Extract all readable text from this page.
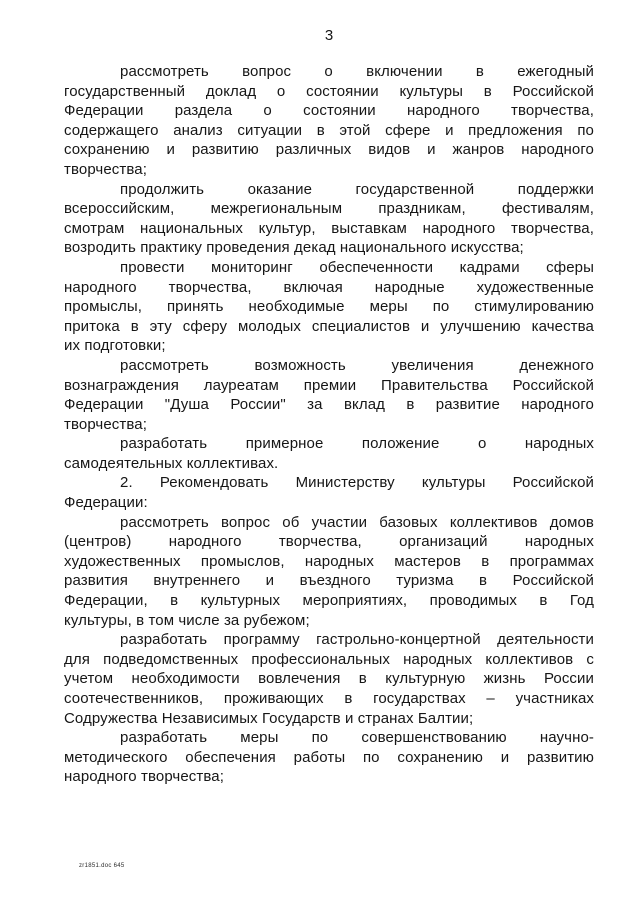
3
рассмотреть вопрос о включении в ежегодный
государственный доклад о состоянии культуры в Российской
Федерации раздела о состоянии народного творчества,
содержащего анализ ситуации в этой сфере и предложения по
сохранению и развитию различных видов и жанров народного
творчества;
продолжить оказание государственной поддержки
всероссийским, межрегиональным праздникам, фестивалям,
смотрам национальных культур, выставкам народного творчества,
возродить практику проведения декад национального искусства;
провести мониторинг обеспеченности кадрами сферы
народного творчества, включая народные художественные
промыслы, принять необходимые меры по стимулированию
притока в эту сферу молодых специалистов и улучшению качества
их подготовки;
рассмотреть возможность увеличения денежного
вознаграждения лауреатам премии Правительства Российской
Федерации "Душа России" за вклад в развитие народного
творчества;
разработать примерное положение о народных
самодеятельных коллективах.
2. Рекомендовать Министерству культуры Российской
Федерации:
рассмотреть вопрос об участии базовых коллективов домов
(центров) народного творчества, организаций народных
художественных промыслов, народных мастеров в программах
развития внутреннего и въездного туризма в Российской
Федерации, в культурных мероприятиях, проводимых в Год
культуры, в том числе за рубежом;
разработать программу гастрольно-концертной деятельности
для подведомственных профессиональных народных коллективов с
учетом необходимости вовлечения в культурную жизнь России
соотечественников, проживающих в государствах – участниках
Содружества Независимых Государств и странах Балтии;
разработать меры по совершенствованию научно-
методического обеспечения работы по сохранению и развитию
народного творчества;
zr1851.doc 645
